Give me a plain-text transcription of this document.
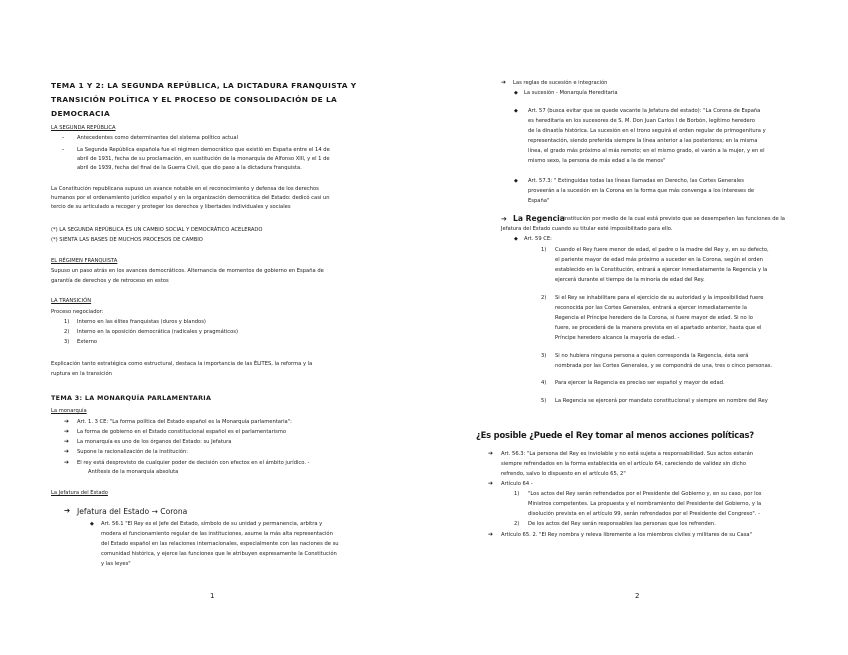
TEMA 1 Y 2: LA SEGUNDA REPÚBLICA, LA DICTADURA FRANQUISTA Y
TRANSICIÓN POLÍTICA Y EL PROCESO DE CONSOLIDACIÓN DE LA
DEMOCRACIA
LA SEGUNDA REPÚBLICA
- Antecedentes como determinantes del sistema político actual
- La Segunda República española fue el régimen democrático que existió en España entre el 14 de
abril de 1931, fecha de su proclamación, en sustitución de la monarquía de Alfonso XIII, y el 1 de
abril de 1939, fecha del final de la Guerra Civil, que dio paso a la dictadura franquista.
La Constitución republicana supuso un avance notable en el reconocimiento y defensa de los derechos
humanos por el ordenamiento jurídico español y en la organización democrática del Estado: dedicó casi un
tercio de su articulado a recoger y proteger los derechos y libertades individuales y sociales
(*) LA SEGUNDA REPÚBLICA ES UN CAMBIO SOCIAL Y DEMOCRÁTICO ACELERADO
(*) SIENTA LAS BASES DE MUCHOS PROCESOS DE CAMBIO
EL RÉGIMEN FRANQUISTA
Supuso un paso atrás en los avances democráticos. Alternancia de momentos de gobierno en España de
garantía de derechos y de retroceso en estos
LA TRANSICIÓN
Proceso negociador:
1) Interno en las élites franquistas (duros y blandos)
2) Interno en la oposición democrática (radicales y pragmáticos)
3) Externo
Explicación tanto estratégica como estructural, destaca la importancia de las ÉLITES, la reforma y la
ruptura en la transición
TEMA 3: LA MONARQUÍA PARLAMENTARIA
La monarquía
➔ Art. 1. 3 CE: "La forma política del Estado español es la Monarquía parlamentaria":
➔ La forma de gobierno en el Estado constitucional español es el parlamentarismo
➔ La monarquía es uno de los órganos del Estado: su Jefatura
➔ Supone la racionalización de la institución:
➔ El rey está desprovisto de cualquier poder de decisión con efectos en el ámbito jurídico. -
Antítesis de la monarquía absoluta
La Jefatura del Estado
➔ Jefatura del Estado → Corona
◆ Art. 56.1 "El Rey es el Jefe del Estado, símbolo de su unidad y permanencia, arbitra y
modera el funcionamiento regular de las instituciones, asume la más alta representación
del Estado español en las relaciones internacionales, especialmente con las naciones de su
comunidad histórica, y ejerce las funciones que le atribuyen expresamente la Constitución
y las leyes"
1
➔ Las reglas de sucesión e integración
◆ La sucesión - Monarquía Hereditaria
◆ Art. 57 (busca evitar que se quede vacante la Jefatura del estado): "La Corona de España
es hereditaria en los sucesores de S. M. Don Juan Carlos I de Borbón, legítimo heredero
de la dinastía histórica. La sucesión en el trono seguirá el orden regular de primogenitura y
representación, siendo preferida siempre la línea anterior a las posteriores; en la misma
línea, el grado más próximo al más remoto; en el mismo grado, el varón a la mujer, y en el
mismo sexo, la persona de más edad a la de menos"
◆ Art. 57.3: " Extinguidas todas las líneas llamadas en Derecho, las Cortes Generales
proveerán a la sucesión en la Corona en la forma que más convenga a los intereses de
España"
➔ La Regencia
: institución por medio de la cual está previsto que se desempeñen las funciones de la
Jefatura del Estado cuando su titular esté imposibilitado para ello.
◆ Art. 59 CE:
1) Cuando el Rey fuere menor de edad, el padre o la madre del Rey y, en su defecto,
el pariente mayor de edad más próximo a suceder en la Corona, según el orden
establecido en la Constitución, entrará a ejercer inmediatamente la Regencia y la
ejercerá durante el tiempo de la minoría de edad del Rey.
2) Si el Rey se inhabilitare para el ejercicio de su autoridad y la imposibilidad fuere
reconocida por las Cortes Generales, entrará a ejercer inmediatamente la
Regencia el Príncipe heredero de la Corona, si fuere mayor de edad. Si no lo
fuere, se procederá de la manera prevista en el apartado anterior, hasta que el
Príncipe heredero alcance la mayoría de edad. -
3) Si no hubiera ninguna persona a quien corresponda la Regencia, ésta será
nombrada por las Cortes Generales, y se compondrá de una, tres o cinco personas.
4) Para ejercer la Regencia es preciso ser español y mayor de edad.
5) La Regencia se ejercerá por mandato constitucional y siempre en nombre del Rey
¿Es posible ¿Puede el Rey tomar al menos acciones políticas?
➔ Art. 56.3: "La persona del Rey es inviolable y no está sujeta a responsabilidad. Sus actos estarán
siempre refrendados en la forma establecida en el artículo 64, careciendo de validez sin dicho
refrendo, salvo lo dispuesto en el artículo 65, 2"
➔ Artículo 64 -
1) "Los actos del Rey serán refrendados por el Presidente del Gobierno y, en su caso, por los
Ministros competentes. La propuesta y el nombramiento del Presidente del Gobierno, y la
disolución prevista en el artículo 99, serán refrendados por el Presidente del Congreso". -
2) De los actos del Rey serán responsables las personas que los refrenden.
➔ Artículo 65. 2. "El Rey nombra y releva libremente a los miembros civiles y militares de su Casa"
2
